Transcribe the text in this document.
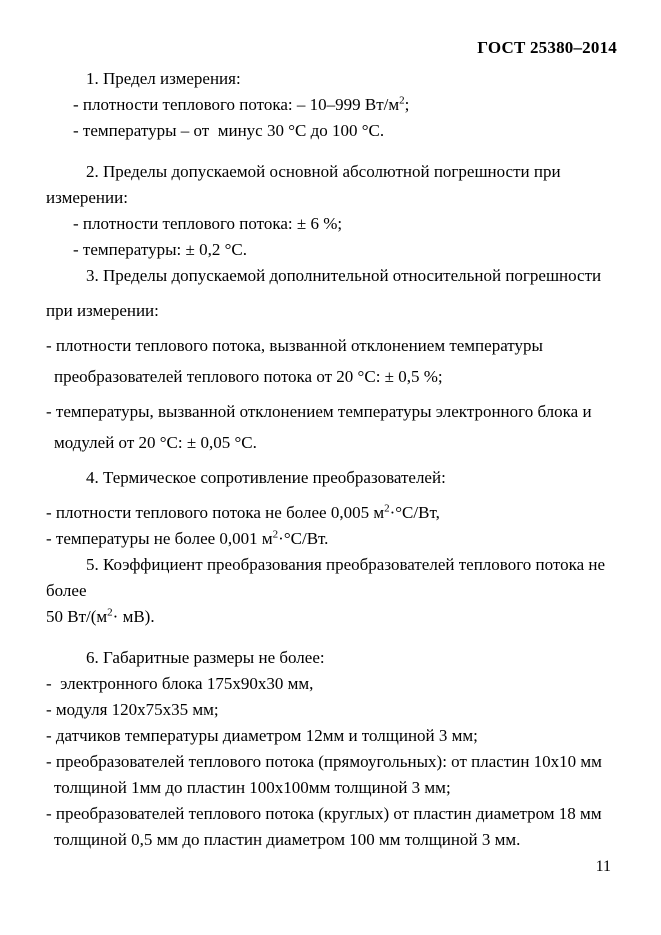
ГОСТ 25380–2014

1. Предел измерения:

- плотности теплового потока: – 10–999 $Вт/м^2$;

- температуры – от  минус 30 °С до 100 °С.

2. Пределы допускаемой основной абсолютной погрешности при

измерении:

- плотности теплового потока: ± 6 %;

- температуры: ± 0,2 °С.

3. Пределы допускаемой дополнительной относительной погрешности

при измерении:

- плотности теплового потока, вызванной отклонением температуры

преобразователей теплового потока от 20 °С: ± 0,5 %;

- температуры, вызванной отклонением температуры электронного блока и

модулей от 20 °С: ± 0,05 °С.

4. Термическое сопротивление преобразователей:

- плотности теплового потока не более 0,005 $м^2\cdot^\circ С/Вт$,

- температуры не более 0,001 $м^2\cdot^\circ С/Вт$.

5. Коэффициент преобразования преобразователей теплового потока не более

50 $Вт/(м^2\cdot мВ)$.

6. Габаритные размеры не более:

-  электронного блока 175х90х30 мм,

- модуля 120х75х35 мм;

- датчиков температуры диаметром 12мм и толщиной 3 мм;

- преобразователей теплового потока (прямоугольных): от пластин 10х10 мм

толщиной 1мм до пластин 100х100мм толщиной 3 мм;

- преобразователей теплового потока (круглых) от пластин диаметром 18 мм

толщиной 0,5 мм до пластин диаметром 100 мм толщиной 3 мм.

11
